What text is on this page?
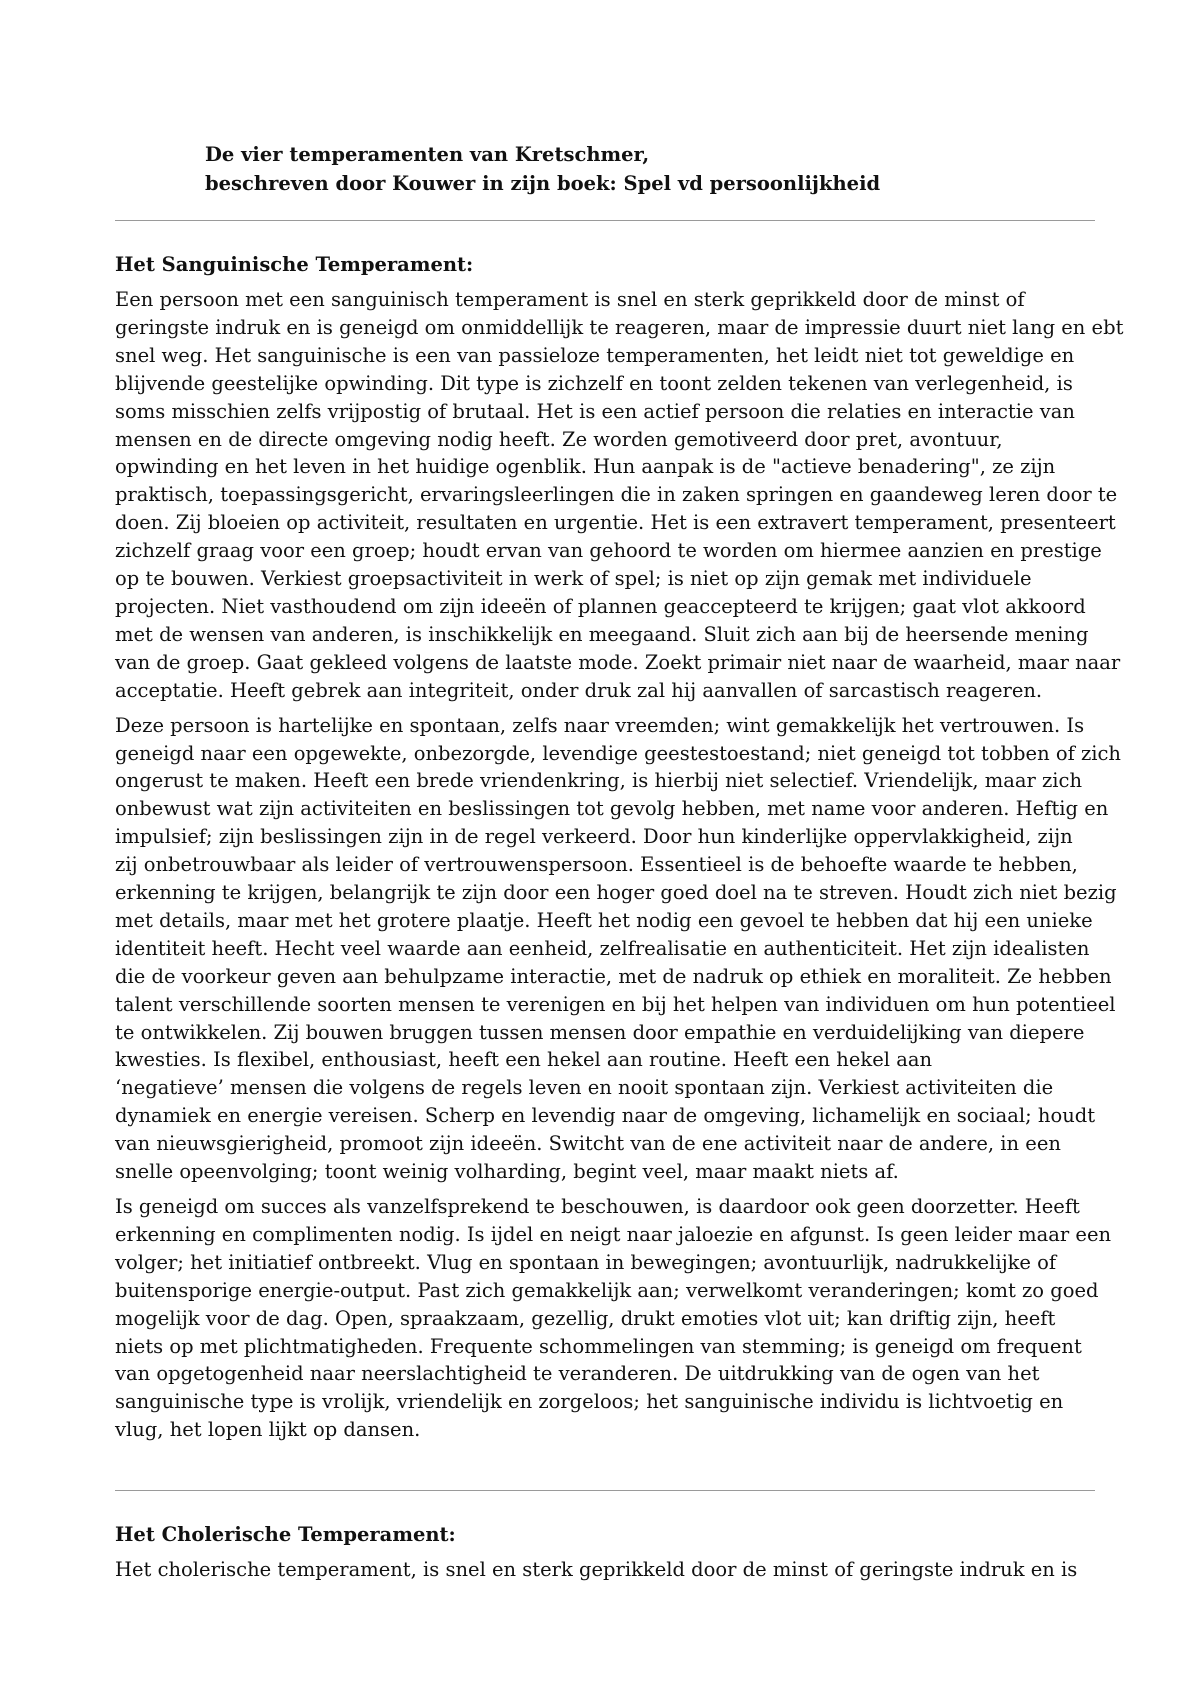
De vier temperamenten van Kretschmer,
beschreven door Kouwer in zijn boek: Spel vd persoonlijkheid
Het Sanguinische Temperament:
Een persoon met een sanguinisch temperament is snel en sterk geprikkeld door de minst of
geringste indruk en is geneigd om onmiddellijk te reageren, maar de impressie duurt niet lang en ebt
snel weg. Het sanguinische is een van passieloze temperamenten, het leidt niet tot geweldige en
blijvende geestelijke opwinding. Dit type is zichzelf en toont zelden tekenen van verlegenheid, is
soms misschien zelfs vrijpostig of brutaal. Het is een actief persoon die relaties en interactie van
mensen en de directe omgeving nodig heeft. Ze worden gemotiveerd door pret, avontuur,
opwinding en het leven in het huidige ogenblik. Hun aanpak is de "actieve benadering", ze zijn
praktisch, toepassingsgericht, ervaringsleerlingen die in zaken springen en gaandeweg leren door te
doen. Zij bloeien op activiteit, resultaten en urgentie. Het is een extravert temperament, presenteert
zichzelf graag voor een groep; houdt ervan van gehoord te worden om hiermee aanzien en prestige
op te bouwen. Verkiest groepsactiviteit in werk of spel; is niet op zijn gemak met individuele
projecten. Niet vasthoudend om zijn ideeën of plannen geaccepteerd te krijgen; gaat vlot akkoord
met de wensen van anderen, is inschikkelijk en meegaand. Sluit zich aan bij de heersende mening
van de groep. Gaat gekleed volgens de laatste mode. Zoekt primair niet naar de waarheid, maar naar
acceptatie. Heeft gebrek aan integriteit, onder druk zal hij aanvallen of sarcastisch reageren.
Deze persoon is hartelijke en spontaan, zelfs naar vreemden; wint gemakkelijk het vertrouwen. Is
geneigd naar een opgewekte, onbezorgde, levendige geestestoestand; niet geneigd tot tobben of zich
ongerust te maken. Heeft een brede vriendenkring, is hierbij niet selectief. Vriendelijk, maar zich
onbewust wat zijn activiteiten en beslissingen tot gevolg hebben, met name voor anderen. Heftig en
impulsief; zijn beslissingen zijn in de regel verkeerd. Door hun kinderlijke oppervlakkigheid, zijn
zij onbetrouwbaar als leider of vertrouwenspersoon. Essentieel is de behoefte waarde te hebben,
erkenning te krijgen, belangrijk te zijn door een hoger goed doel na te streven. Houdt zich niet bezig
met details, maar met het grotere plaatje. Heeft het nodig een gevoel te hebben dat hij een unieke
identiteit heeft. Hecht veel waarde aan eenheid, zelfrealisatie en authenticiteit. Het zijn idealisten
die de voorkeur geven aan behulpzame interactie, met de nadruk op ethiek en moraliteit. Ze hebben
talent verschillende soorten mensen te verenigen en bij het helpen van individuen om hun potentieel
te ontwikkelen. Zij bouwen bruggen tussen mensen door empathie en verduidelijking van diepere
kwesties. Is flexibel, enthousiast, heeft een hekel aan routine. Heeft een hekel aan
‘negatieve’ mensen die volgens de regels leven en nooit spontaan zijn. Verkiest activiteiten die
dynamiek en energie vereisen. Scherp en levendig naar de omgeving, lichamelijk en sociaal; houdt
van nieuwsgierigheid, promoot zijn ideeën. Switcht van de ene activiteit naar de andere, in een
snelle opeenvolging; toont weinig volharding, begint veel, maar maakt niets af.
Is geneigd om succes als vanzelfsprekend te beschouwen, is daardoor ook geen doorzetter. Heeft
erkenning en complimenten nodig. Is ijdel en neigt naar jaloezie en afgunst. Is geen leider maar een
volger; het initiatief ontbreekt. Vlug en spontaan in bewegingen; avontuurlijk, nadrukkelijke of
buitensporige energie-output. Past zich gemakkelijk aan; verwelkomt veranderingen; komt zo goed
mogelijk voor de dag. Open, spraakzaam, gezellig, drukt emoties vlot uit; kan driftig zijn, heeft
niets op met plichtmatigheden. Frequente schommelingen van stemming; is geneigd om frequent
van opgetogenheid naar neerslachtigheid te veranderen. De uitdrukking van de ogen van het
sanguinische type is vrolijk, vriendelijk en zorgeloos; het sanguinische individu is lichtvoetig en
vlug, het lopen lijkt op dansen.
Het Cholerische Temperament:
Het cholerische temperament, is snel en sterk geprikkeld door de minst of geringste indruk en is
